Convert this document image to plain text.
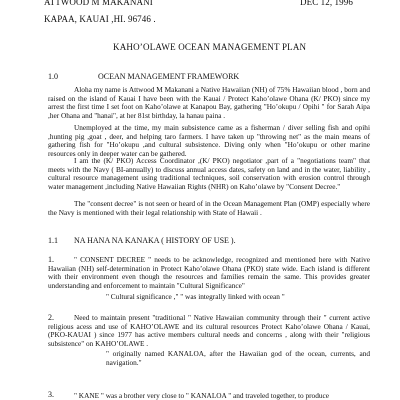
ATTWOOD M MAKANANI	DEC 12, 1996
KAPAA, KAUAI ,HI. 96746 .
KAHO’OLAWE OCEAN MANAGEMENT PLAN
1.0	OCEAN MANAGEMENT FRAMEWORK

Aloha my name is Attwood M Makanani a Native Hawaiian (NH) of 75% Hawaiian blood , born and raised on the island of Kauai I have been with the Kauai / Protect Kaho’olawe Ohana (K/ PKO) since my arrest the first time I set foot on Kaho’olawe at Kanapou Bay, gathering "Ho’okupu / Opihi " for Sarah Aipa ,her Ohana and "hanai", at her 81st birthday, la hanau paina .

Unemployed at the time, my main subsistence came as a fisherman / diver selling fish and opihi ,hunting pig ,goat , deer, and helping taro farmers. I have taken up "throwing net" as the main means of gathering fish for "Ho’okupu ,and cultural subsistence. Diving only when "Ho’okupu or other marine resources only in deeper water can be gathered.

I am the (K/ PKO) Access Coordinator ,(K/ PKO) negotiator ,part of a "negotiations team" that meets with the Navy ( BI-annually) to discuss annual access dates, safety on land and in the water, liability , cultural resource management using traditional techniques, soil conservation with erosion control through water management ,including Native Hawaiian Rights (NHR) on Kaho’olawe by "Consent Decree."

The "consent decree" is not seen or heard of in the Ocean Management Plan (OMP) especially where the Navy is mentioned with their legal relationship with State of Hawaii .

1.1 NA HANA NA KANAKA ( HISTORY OF USE ).
1.	" CONSENT DECREE " needs to be acknowledge, recognized and mentioned here with Native Hawaiian (NH) self-determination in Protect Kaho’olawe Ohana (PKO) state wide. Each island is different with their environment even though the resources and families remain the same. This provides greater understanding and enforcement to maintain "Cultural Significance"

" Cultural significance ," " was integrally linked with ocean "
2.	Need to maintain present "traditional " Native Hawaiian community through their " current active religious acess and use of KAHO’OLAWE and its cultural resources Protect Kaho’olawe Ohana / Kauai, (PKO-KAUAI ) since 1977 has active members cultural needs and concerns , along with their "religious subsistence" on KAHO’OLAWE .

" originally named KANALOA, after the Hawaiian god of the ocean, currents, and navigation."

3.	" KANE " was a brother very close to " KANALOA " and traveled together, to produce
